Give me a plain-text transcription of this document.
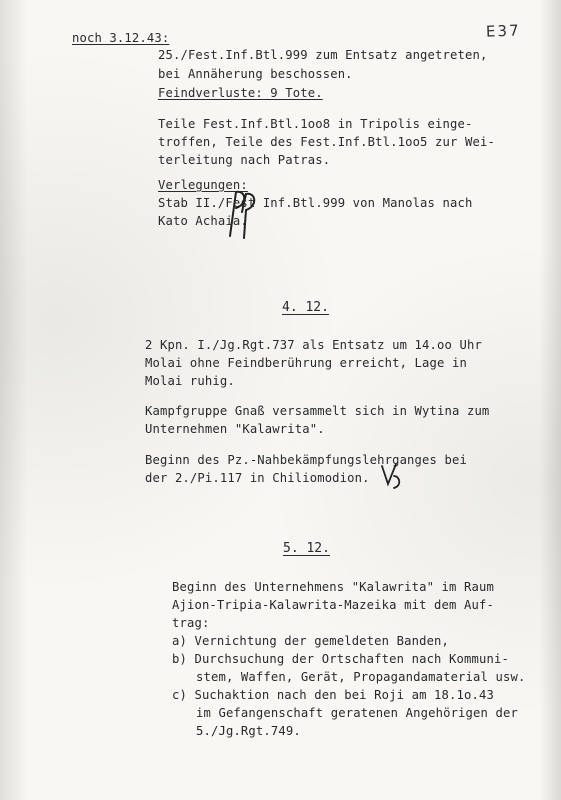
noch 3.12.43:	E37
25./Fest.Inf.Btl.999 zum Entsatz angetreten,
bei Annäherung beschossen.
Feindverluste: 9 Tote.
Teile Fest.Inf.Btl.1oo8 in Tripolis einge-
troffen, Teile des Fest.Inf.Btl.1oo5 zur Wei-
terleitung nach Patras.
Verlegungen:
Stab II./Fest Inf.Btl.999 von Manolas nach
Kato Achaia.
4. 12.
2 Kpn. I./Jg.Rgt.737 als Entsatz um 14.oo Uhr
Molai ohne Feindberührung erreicht, Lage in
Molai ruhig.
Kampfgruppe Gnaß versammelt sich in Wytina zum
Unternehmen "Kalawrita".
Beginn des Pz.-Nahbekämpfungslehrganges bei
der 2./Pi.117 in Chiliomodion.
5. 12.
Beginn des Unternehmens "Kalawrita" im Raum
Ajion-Tripia-Kalawrita-Mazeika mit dem Auf-
trag:
a) Vernichtung der gemeldeten Banden,
b) Durchsuchung der Ortschaften nach Kommuni-
stem, Waffen, Gerät, Propagandamaterial usw.
c) Suchaktion nach den bei Roji am 18.1o.43
im Gefangenschaft geratenen Angehörigen der
5./Jg.Rgt.749.
